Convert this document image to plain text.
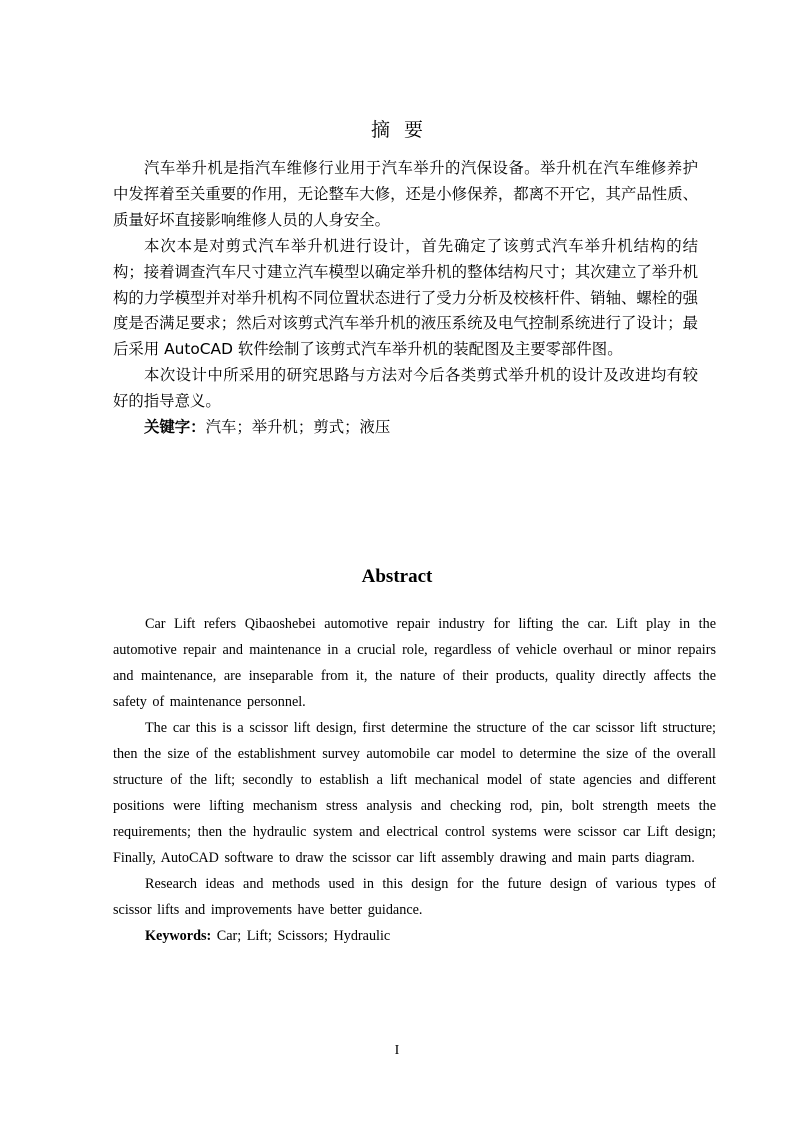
摘要

汽车举升机是指汽车维修行业用于汽车举升的汽保设备。举升机在汽车维修养护中发挥着至关重要的作用，无论整车大修，还是小修保养，都离不开它，其产品性质、质量好坏直接影响维修人员的人身安全。

本次本是对剪式汽车举升机进行设计，首先确定了该剪式汽车举升机结构的结构；接着调查汽车尺寸建立汽车模型以确定举升机的整体结构尺寸；其次建立了举升机构的力学模型并对举升机构不同位置状态进行了受力分析及校核杆件、销轴、螺栓的强度是否满足要求；然后对该剪式汽车举升机的液压系统及电气控制系统进行了设计；最后采用 AutoCAD 软件绘制了该剪式汽车举升机的装配图及主要零部件图。

本次设计中所采用的研究思路与方法对今后各类剪式举升机的设计及改进均有较好的指导意义。

关键字：汽车；举升机；剪式；液压

Abstract

Car Lift refers Qibaoshebei automotive repair industry for lifting the car. Lift play in the automotive repair and maintenance in a crucial role, regardless of vehicle overhaul or minor repairs and maintenance, are inseparable from it, the nature of their products, quality directly affects the safety of maintenance personnel.

The car this is a scissor lift design, first determine the structure of the car scissor lift structure; then the size of the establishment survey automobile car model to determine the size of the overall structure of the lift; secondly to establish a lift mechanical model of state agencies and different positions were lifting mechanism stress analysis and checking rod, pin, bolt strength meets the requirements; then the hydraulic system and electrical control systems were scissor car Lift design; Finally, AutoCAD software to draw the scissor car lift assembly drawing and main parts diagram.

Research ideas and methods used in this design for the future design of various types of scissor lifts and improvements have better guidance.

Keywords: Car; Lift; Scissors; Hydraulic

I
